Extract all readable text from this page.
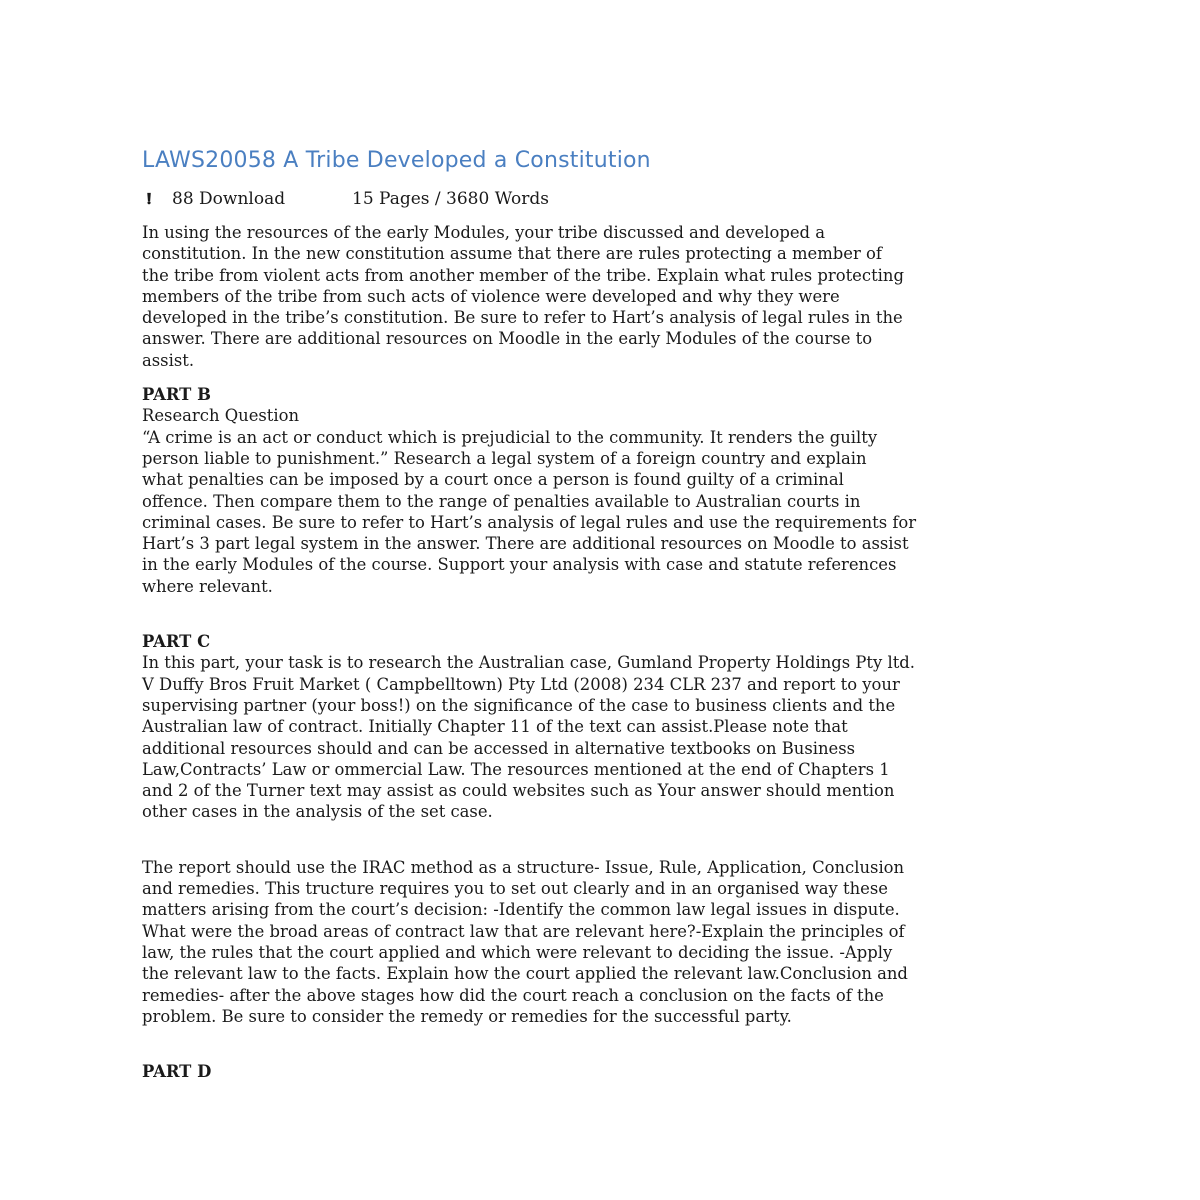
LAWS20058 A Tribe Developed a Constitution
❗︎ 88 Download	15 Pages / 3680 Words

In using the resources of the early Modules, your tribe discussed and developed a
constitution. In the new constitution assume that there are rules protecting a member of
the tribe from violent acts from another member of the tribe. Explain what rules protecting
members of the tribe from such acts of violence were developed and why they were
developed in the tribe’s constitution. Be sure to refer to Hart’s analysis of legal rules in the
answer. There are additional resources on Moodle in the early Modules of the course to
assist.

PART B

Research Question

“A crime is an act or conduct which is prejudicial to the community. It renders the guilty
person liable to punishment.” Research a legal system of a foreign country and explain
what penalties can be imposed by a court once a person is found guilty of a criminal
offence. Then compare them to the range of penalties available to Australian courts in
criminal cases. Be sure to refer to Hart’s analysis of legal rules and use the requirements for
Hart’s 3 part legal system in the answer. There are additional resources on Moodle to assist
in the early Modules of the course. Support your analysis with case and statute references
where relevant.

PART C

In this part, your task is to research the Australian case, Gumland Property Holdings Pty ltd.
V Duffy Bros Fruit Market ( Campbelltown) Pty Ltd (2008) 234 CLR 237 and report to your
supervising partner (your boss!) on the significance of the case to business clients and the
Australian law of contract. Initially Chapter 11 of the text can assist.Please note that
additional resources should and can be accessed in alternative textbooks on Business
Law,Contracts’ Law or ommercial Law. The resources mentioned at the end of Chapters 1
and 2 of the Turner text may assist as could websites such as Your answer should mention
other cases in the analysis of the set case.

The report should use the IRAC method as a structure- Issue, Rule, Application, Conclusion
and remedies. This tructure requires you to set out clearly and in an organised way these
matters arising from the court’s decision: -Identify the common law legal issues in dispute.
What were the broad areas of contract law that are relevant here?-Explain the principles of
law, the rules that the court applied and which were relevant to deciding the issue. -Apply
the relevant law to the facts. Explain how the court applied the relevant law.Conclusion and
remedies- after the above stages how did the court reach a conclusion on the facts of the
problem. Be sure to consider the remedy or remedies for the successful party.

PART D
